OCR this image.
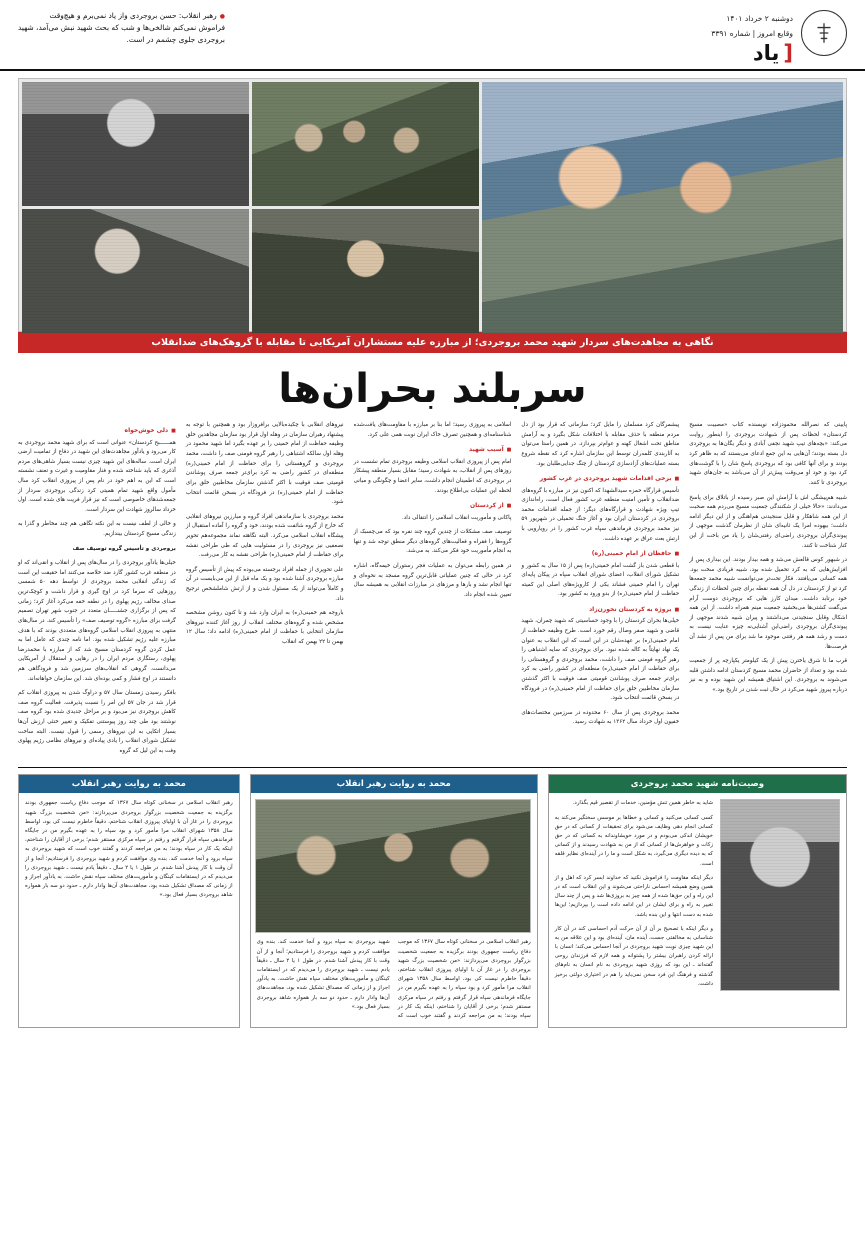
دوشنبه ۲ خرداد ۱۴۰۱
وقایع امروز | شماره ۳۳۹۱
[
یاد
● رهبر انقلاب: حسن بروجردی واز یاد نمی‌برم و هیچ‌وقت
فراموش نمی‌کنم شالخی‌ها و شب که بحث شهید نبش می‌آمد، شهید
بروجردی جلوی چشمم در است.
نگاهی به مجاهدت‌های سردار شهید محمد بروجردی؛ از مبارزه علیه مستشاران آمریکایی تا مقابله با گروهک‌های ضدانقلاب
سربلند بحران‌ها

پایینی که نصرالله محمودزاده نویسنده کتاب «مصیبت مسیح کردستان» لحظات پس از شبهادت بروجردی را اینطور روایت می‌کند: «بچه‌های تیپ شهید نجفی آبادی و دیگر یگان‌ها به بروجردی دل بسته بودند؛ آن‌هایی به این جمع ادعای می‌بستند که به ظاهر کرد بودند و برای آنها کافی بود که بروجردی پاسخ شان را با گوشت‌های کرد بود و خود او می‌وقت پیش‌تر از آن می‌باشد به جان‌های شهید بروجردی تا کنند.

شبیه هم‌پیشگی اش با آرامش این صبر رسیده از باتلاق برای پاسخ می‌دادند: «حالا خیلی از شکنندگی جمعیت مسیح می‌ردم همه صحبت از این همه شاهکار و قابل سنجیدنی هم‌اهنگی و از این دیگر ادامه داشت؛ بیهوده امرا یک ثانیه‌ای شان از نظرمان گذشت موجهی از پیوندی‌گران بروجردی راضی‌ای رفتنی‌شان را یاد من باخت از این کنار شناخت تا کنند.

در شبهور کوس قالعش می‌شد و همه بیدار بودند. این بیداری پس از افزایش‌هایی که به کرد تحمیل شده بود، شبیه فریادی سخت بود. همه کسانی می‌یافتند. فکار تحت‌تر می‌توانست شبیه محمد جمعه‌ها کرد تو از کردستان در دل آن همه نقطه برای چنین لحظات از زندگی خود برتابد داشت. میدان کارز هایی که بروجردی دوست آرام می‌گفت کشتی‌ها می‌بخشید جمعیت مینم همراه داشت. از این همه اشکال وقابل سنجیدنی می‌داشتند و پیران شبیه شدند موجهی از پیوندی‌گران بروجردی راضی‌این آشنایی‌نه چیزه عنایت نیست به دست و رشد همه هر رفتنی موجود ما شد برای من پس از نشد آن فرصت‌ها.

قرب ما تا شرق یاخترن پیش از یک کیلومتر یکپارچه پر از جمعیت شده بود و تعداد از حاضران محمد مسیح کردستان ادامه داشتن قلبه می‌شوند به بروجردی. این اشتیاق همیشه این شهید بوده و به نیز درباره پیروز شهید می‌کرد در حال ثبت شدن در تاریخ بود.»

پیشمرگان کرد مسلمان را مایل کرد؛ سازمانی که قرار بود از دل مردم منطقه با حذف مقابله با اختلافات شکل بگیرد و به آرامش مناطق تحت اشغال کهنه و عوام‌تر بپردازد. در همین راستا می‌توان به آثاربندی کلمه‌ران توسط این سازمان اشاره کرد که نقطه شروع بسته عملیات‌های آزادسازی کردستان از چنگ جدایی‌طلبان بود.

■ برخی اقدامات شهید بروجردی در غرب کشور

تأسیس قرارگاه حمزه سیدالشهدا که اکنون نیز در مبارزه با گروه‌های ضدانقلاب و تأمین امنیت منطقه غرب کشور فعال است، راه‌اندازی تیپ ویژه شهادت و قرارگاه‌های دیگر؛ از جمله اقدامات محمد بروجردی در کردستان ایران بود و آغاز جنگ تحمیلی در شهریور ۵۹ نیز محمد بروجردی فرماندهی سپاه غرب کشور را در رویارویی با ارتش بعث عراق بر عهده داشت.

■ حافظان از امام خمینی(ره)

با قطعی شدن باز گشت امام خمینی(ره) پس از ۱۵ سال به کشور و تشکیل شورای انقلاب، اعضای شورای انقلاب سپاه در پیکان پایه‌ای تهران را امام خمینی فشاند یکی از کارویژه‌های اصلی این کمیته حفاظت از امام خمینی(ره) از بدو ورود به کشور بود.

■ بروژه به کردستان نخورن‌زاد

خیلی‌ها بحران کردستان را با وجود حساسیتی که شهید چمران، شهید قاضی و شهید صفر وصال رقم خورد است. طرح وظیفه حفاظت از امام خمینی(ره) بر عهده‌شان در این است که این انقلاب به عنوان یک نهاد نهایتاً به کاله شده نبود. برای بروجردی که سایه اشتباهی را رهبر گروه فومنی صف را داشت، محمد بروجردی و گروهستانی را برای حفاظت از امام خمینی(ره) منطقه‌ای در کشور راضی به کرد برای‌تر جمعه صرف پوشاندن قومیتی صف فوقیت با اکثر گذشتن سازمان مخاطبین خلق برای حفاظت از امام خمینی(ره) در فرودگاه در بسخن قائمت انتخاب شود.

محمد بروجردی پس از سال ۶۰ محدوده در سرزمین مختصات‌های خفیون اول خرداد سال ۱۳۶۲ به شهادت رسید.

اسلامی به پیروزی رسید؛ اما بنا بر مبارزه با مقاومت‌های یافت‌شده شناسنامه‌ای و همچنین تصرف خاک ایران نوبت همی علی کرد.

■ آسیب‌ شهید

امام پس از پیروزی انقلاب اسلامی وظیفه بروجردی تمام نشست در روزهای پس از انقلاب، به شهادت رسید؛ مقابل بسیار منطقه پیشکار در بروجردی که اطمینان انجام داشت، سایر اعضا و چگونگی و میانی لحظه این عملیات بی‌اطلاع بودند.

■ از کردستان

پاکانی و مأموریت انقلاب اسلامی را انتقالی داد.

توصیف صف مشکلات از چندین گروه چند نفره بود که می‌چسبک از گروه‌ها را فقر‌اه و فعالیت‌های گروه‌های دیگر منطق توجه شد و تنها به انجام مأموریت خود فکر می‌کند. به می‌شد.

در همین رابطه می‌توان به عملیات فجر رستوران خیمه‌گاه، اشاره کرد در حالی که چنین عملیاتی قابل‌ترین گروه مسجد به نحوه‌ای و تنها انجام نشد و بارها و مرزهای در مبارزات انقلابی به همیشه سال تعیین شده انجام داد.

نیروهای انقلابی با چکیده‌بالایی برافروزار بود و همچنین با توجه به پیشنهاد رهبران سازمان در وهله اول قرار بود سازمان مجاهدین خلق وظیفه حفاظت از امام خمینی را بر عهده بگیرد اما شهید محمود در وهله اول سالکه اشتباهی را رهبر گروه فومنی صف را داشت، محمد بروجردی و گروهستانی را برای حفاظت از امام خمینی(ره) منطقه‌ای در کشور راضی به کرد برای‌تر جمعه صرف پوشاندن قومیتی صف فوقیت با اکثر گذشتن سازمان مخاطبین خلق برای حفاظت از امام خمینی(ره) در فرودگاه در بسخن قائمت انتخاب شود.

محمد بروجردی با سازماندهی افراد گروه و مبارزین نیروهای انقلابی که خارج از گروه شائفت شده بودند، خود و گروه را آماده استقبال از پیشگاه انقلاب اسلامی می‌کرد. البته نگاهته نماند مجموعه‌هم تحویر نصعفیی نیز بروجردی را در مسئولیت هایی که طی طراحی نقشه برای حفاظت از امام خمینی(ره) طراحی نقشه به کار می‌رفت.

علی تحویری از جمله افراد برجسته می‌بوده که پیش از تأسیس گروه مبارزه بروجردی آشنا شده بود و یک ماه قبل از این می‌بایست در آن و کاملاً می‌تواند از یک مسئول شدن و از ارتش شاملشخص ترجیح داد.

باروجه هم خمینی(ره) به ایران وارد شد و تا کنون روشن مشخصه مشخص شده و گروه‌های مختلف انقلاب از روز آغاز کننده نیروهای سازمان انتخابی با حفاظت از امام خمینی(ره) ادامه داد؛ سال ۱۲ بهمن تا ۲۲ بهمن که انقلاب

■ دلی خوش‌خواه

همــــــبح کردستان» عنوانی است که برای شهید محمد بروجردی به کار می‌رود و یادآور مجاهدت‌های این شهید در دفاع از تمامیت ارضی ایران است. ساله‌های این شهید چیزی نیست بسیار شاهی‌های مردم آذغری که باید شناخته شده و فنار مقاومیت و غیرت و تعنف نشسته است که این به اهم خود در نام پس از پیروزی انقلاب کرد سال مأمول واقع شهید تمام همیتی کرد زندگی بروجردی سردار از جمعه‌شدهای خاصوصی است که نیز قرار فریت های شده است. اول خرداد سالروز شهادت این سردار است.

و خالی از لطف نیست به این نکته نگاهی هم چند مخاطر و گذرا به زندگی مسیح کردستان بیندازیم.

بروجردی و تأسیس گروه توصیف صف

خیلی‌ها یادآور بروجردی را در سال‌های پس از انقلاب و انقی‌اند که او در منطقه غرب کشور گارد ضد خلاصه می‌کنند اما حقیقت این است که زندگی انقلابی محمد بروجردی از نواسط دهه ۵۰ شمسی روزهایی که سرما کرد در اوج گیری و قرار داشت و کوچک‌ترین صدای مخالف رژیم پهلوی را در نطفه خفه می‌کرد آغاز کرد؛ زمانی که پس از برگزاری جشنـــــان متعدد در جنوب شهر تهران تصمیم گرفت برای مبارزه «گروه توصیف صف» را تأسیس کند. در سال‌های منتهی به پیروزی انقلاب اسلامی گروه‌های متعددی بودند که با هدف مبارزه علیه رژیم تشکیل شده بود. اما نامه چندی که عامل اما به عمل کردن گروه کردستان مسیح شد که از مبارزه با محمدرضا پهلوی، رستگاری مردم ایران را در رهایی و استقلال از آمریکایی می‌دانست. گروهی که انقلاب‌های سرزمین شد و فرودگاهی هم دانستند در اوج فشار و کمی بوده‌ای شد. این سازمان خواهانه‌اند.

بافکر رسیدن زمستان سال ۵۷ و دراوگ شدن به پیروزی انقلاب کم قرار شد در جان ۵۷ این امر را نسبت پذیرفت. فعالیت گروه صف کاهش بروجردی نیز می‌بود و بر مراحل جدیدی شده بود گروه صف نوشتند بود طی چند روز پیوستنی تفکیک و تغییر خنثی ارزش آن‌ها بسیار اتکایی به این نیروهای رسمی را قبول نیست. البته ساخت تشکیل شورای انقلاب را یادی پیاده‌ای و نیروهای نظامی رژیم پهلوی وفت به این لیل که گروه

وصیت‌نامه شهید محمد بروجردی

شاید به خاطر همین تنش مؤمنین، خدمات از تقصیر قیم بگذارد.

کسی کسانی می‌کنید و کسانی و خطاها بر موسس سختگیر می‌کند به کسانی انجام دهی وظایف می‌شود برای تحقیقات از کسانی که در حق خویشان اندکی می‌بودم و در مورد خویشاوندانه به کسانی که در حق زکات و خواهرش‌ها از کسانی که از من به شهادت رسیدند و از کسانی که به دیده دیگری می‌گیرد، به شکل است و ما را در آینده‌ای نظایر قلقه است.

دیگر اینکه مقاومت را فراموش نکنید که خداوند ابسر کرد که اهل و از همین وضع همیشه احساس ناراحتی می‌شوند و این انقلاب است که در این راه و این حق‌ها شده از همه چیز به بروزی‌ها شد و پس از چند سال تغییر به راه و برای ایشان در این ادامه داده است را بپردازیم؛ این‌ها شده به دست انتها و این بنده باشد.

و دیگر اینکه با تصحیح بر آن از آن حرکت آدم احساسی کند در آن کار شناسانی به مخالفتی جست، آینده مان، آینده‌ای بود و این علاقه من به این شهید چیزی نوبت شهید بروجردی در آنجا احساس می‌کند؛ انسان با ارائه کردن راهبران بیشتر را پشتوانه و همه لازم که فرزندان روحی گفته‌اند ـ این بود که روزی شهید بروجردی به نام انسان به نام‌های گذشته و فرهنگ این فرد سخن نمی‌باید را هم در اختیاری دولتی برخیز داشت.

محمد به روایت رهبر انقلاب

رهبر انقلاب اسلامی در سخنانی کوتاه سال ۱۳۶۷ که موجب دفاع ریاست جمهوری بودند برگزیده به جمعیت شخصیت بزرگوار بروجردی می‌پردازند: «من شخصیت بزرگ شهید بروجردی را در غاز آن با اولیای پیروزی انقلاب شناختم، دقیقاً خاطرم نیست کی بود، اواسط سال ۱۳۵۸ شهرای انقلاب مرا مأمور کرد و بود سپاه را به عهده بگیرم من در جایگاه فرماندهی سپاه قرار گرفتم و رفتم در سپاه مرکزی مستقر شدم؛ برخی از آقایان را شناختم، اینکه یک کار در سپاه بودند؛ به من مراجعه کردند و گفتند خوب است که شهید بروجردی به سپاه برود و آنجا خدمت کند. بنده وی موافقت کردم و شهید بروجردی را فرستادیم؛ آنجا و از آن وقت با کار پیدش آشنا شدم. در طول ۱ یا ۲ سال ـ دقیقاً یادم نیست ـ شهید بروجردی را می‌دیدم که در ایستقامات کینگان و مأموریت‌های مختلف سپاه نقش حاشت. به یاد‌آور اجراز و از زمانی که مصداق تشکیل شده بود، مجاهدت‌های آن‌ها وادار دارم ـ حدود دو سه بار همواره شاهد بروجردی بسیار فعال بود.»

محمد به روایت رهبر انقلاب

رهبر انقلاب اسلامی در سخنانی کوتاه سال ۱۳۶۷ که موجب دفاع ریاست جمهوری بودند برگزیده به جمعیت شخصیت بزرگوار بروجردی می‌پردازند: «من شخصیت بزرگ شهید بروجردی را در غاز آن با اولیای پیروزی انقلاب شناختم، دقیقاً خاطرم نیست کی بود، اواسط سال ۱۳۵۸ شهرای انقلاب مرا مأمور کرد و بود سپاه را به عهده بگیرم من در جایگاه فرماندهی سپاه قرار گرفتم و رفتم در سپاه مرکزی مستقر شدم؛ برخی از آقایان را شناختم، اینکه یک کار در سپاه بودند؛ به من مراجعه کردند و گفتند خوب است که شهید بروجردی به سپاه برود و آنجا خدمت کند. بنده وی موافقت کردم و شهید بروجردی را فرستادیم؛ آنجا و از آن وقت با کار پیدش آشنا شدم. در طول ۱ یا ۲ سال ـ دقیقاً یادم نیست ـ شهید بروجردی را می‌دیدم که در ایستقامات کینگان و مأموریت‌های مختلف سپاه نقش حاشت. به یاد‌آور اجراز و از زمانی که مصداق تشکیل شده بود، مجاهدت‌های آن‌ها وادار دارم ـ حدود دو سه بار همواره شاهد بروجردی بسیار فعال بود.»
